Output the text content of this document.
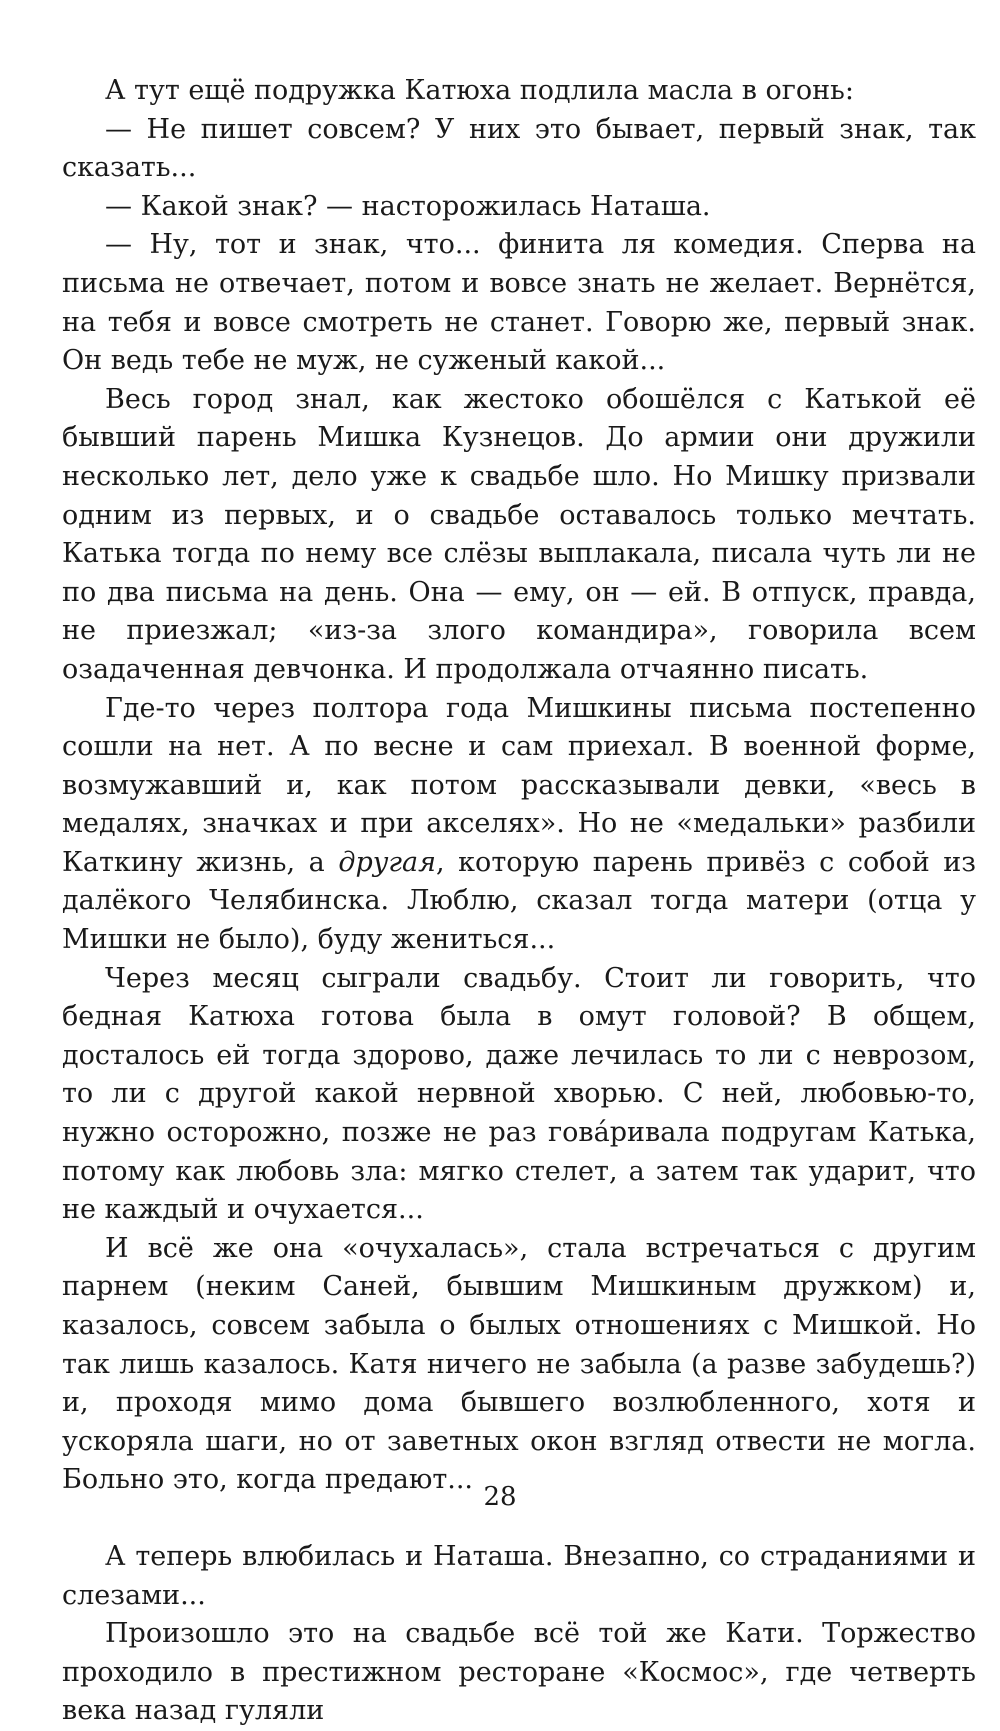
А тут ещё подружка Катюха подлила масла в огонь:

— Не пишет совсем? У них это бывает, первый знак, так сказать...

— Какой знак? — насторожилась Наташа.

— Ну, тот и знак, что... финита ля комедия. Сперва на письма не отвечает, потом и вовсе знать не желает. Вернётся, на тебя и вовсе смотреть не станет. Говорю же, первый знак. Он ведь тебе не муж, не суженый какой...

Весь город знал, как жестоко обошёлся с Катькой её бывший парень Мишка Кузнецов. До армии они дружили несколько лет, дело уже к свадьбе шло. Но Мишку призвали одним из первых, и о свадьбе оставалось только мечтать. Катька тогда по нему все слёзы выплакала, писала чуть ли не по два письма на день. Она — ему, он — ей. В отпуск, правда, не приезжал; «из-за злого командира», говорила всем озадаченная девчонка. И продолжала отчаянно писать.

Где-то через полтора года Мишкины письма постепенно сошли на нет. А по весне и сам приехал. В военной форме, возмужавший и, как потом рассказывали девки, «весь в медалях, значках и при акселях». Но не «медальки» разбили Каткину жизнь, а другая, которую парень привёз с собой из далёкого Челябинска. Люблю, сказал тогда матери (отца у Мишки не было), буду жениться...

Через месяц сыграли свадьбу. Стоит ли говорить, что бедная Катюха готова была в омут головой? В общем, досталось ей тогда здорово, даже лечилась то ли с неврозом, то ли с другой какой нервной хворью. С ней, любовью-то, нужно осторожно, позже не раз говáривала подругам Катька, потому как любовь зла: мягко стелет, а затем так ударит, что не каждый и очухается...

И всё же она «очухалась», стала встречаться с другим парнем (неким Саней, бывшим Мишкиным дружком) и, казалось, совсем забыла о былых отношениях с Мишкой. Но так лишь казалось. Катя ничего не забыла (а разве забудешь?) и, проходя мимо дома бывшего возлюбленного, хотя и ускоряла шаги, но от заветных окон взгляд отвести не могла. Больно это, когда предают...

А теперь влюбилась и Наташа. Внезапно, со страданиями и слезами...

Произошло это на свадьбе всё той же Кати. Торжество проходило в престижном ресторане «Космос», где четверть века назад гуляли

28
